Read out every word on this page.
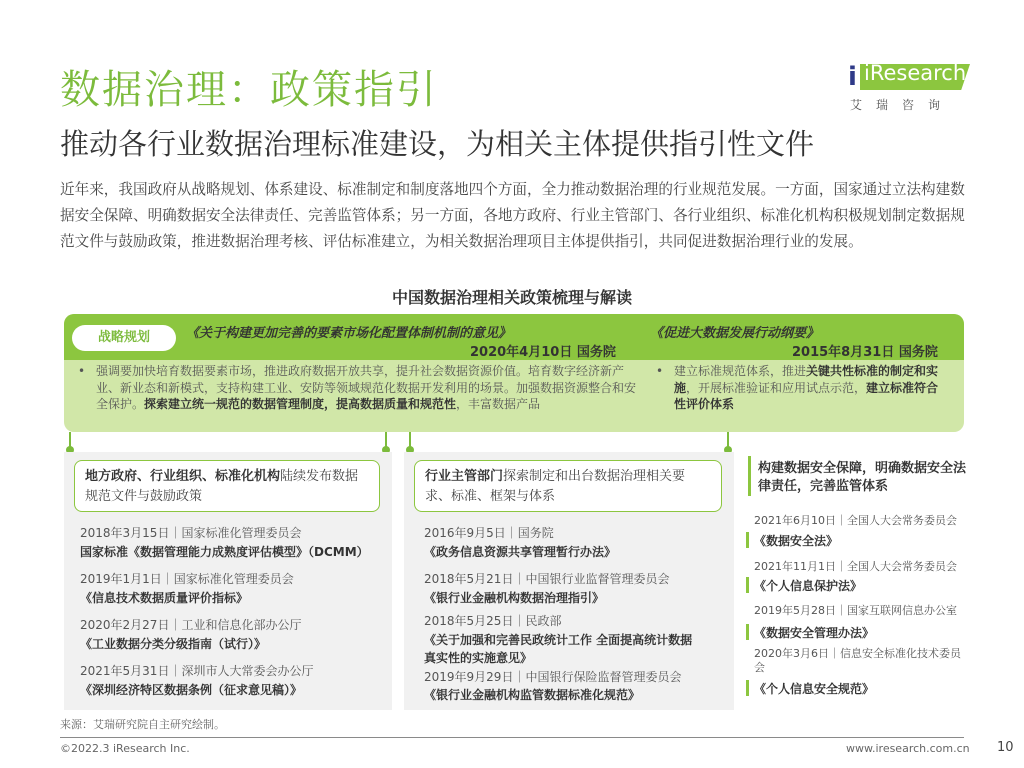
数据治理：政策指引
推动各行业数据治理标准建设，为相关主体提供指引性文件
i iResearch
艾瑞咨询
近年来，我国政府从战略规划、体系建设、标准制定和制度落地四个方面，全力推动数据治理的行业规范发展。一方面，国家通过立法构建数据安全保障、明确数据安全法律责任、完善监管体系；另一方面，各地方政府、行业主管部门、各行业组织、标准化机构积极规划制定数据规范文件与鼓励政策，推进数据治理考核、评估标准建立，为相关数据治理项目主体提供指引，共同促进数据治理行业的发展。
中国数据治理相关政策梳理与解读
战略规划	《关于构建更加完善的要素市场化配置体制机制的意见》
2020年4月10日 国务院
《促进大数据发展行动纲要》
2015年8月31日 国务院
• 强调要加快培育数据要素市场，推进政府数据开放共享，提升社会数据资源价值。培育数字经济新产业、新业态和新模式，支持构建工业、安防等领域规范化数据开发利用的场景。加强数据资源整合和安全保护。探索建立统一规范的数据管理制度，提高数据质量和规范性，丰富数据产品
• 建立标准规范体系，推进关键共性标准的制定和实施，开展标准验证和应用试点示范，建立标准符合性评价体系
地方政府、行业组织、标准化机构陆续发布数据规范文件与鼓励政策
2018年3月15日｜国家标准化管理委员会
国家标准《数据管理能力成熟度评估模型》（DCMM）
2019年1月1日｜国家标准化管理委员会
《信息技术数据质量评价指标》
2020年2月27日｜工业和信息化部办公厅
《工业数据分类分级指南（试行）》
2021年5月31日｜深圳市人大常委会办公厅
《深圳经济特区数据条例（征求意见稿）》
行业主管部门探索制定和出台数据治理相关要求、标准、框架与体系
2016年9月5日｜国务院
《政务信息资源共享管理暂行办法》
2018年5月21日｜中国银行业监督管理委员会
《银行业金融机构数据治理指引》
2018年5月25日｜民政部
《关于加强和完善民政统计工作 全面提高统计数据
真实性的实施意见》
2019年9月29日｜中国银行保险监督管理委员会
《银行业金融机构监管数据标准化规范》
构建数据安全保障，明确数据安全法律责任，完善监管体系
2021年6月10日｜全国人大会常务委员会
《数据安全法》
2021年11月1日｜全国人大会常务委员会
《个人信息保护法》
2019年5月28日｜国家互联网信息办公室
《数据安全管理办法》
2020年3月6日｜信息安全标准化技术委员会
《个人信息安全规范》
来源：艾瑞研究院自主研究绘制。
©2022.3 iResearch Inc.	www.iresearch.com.cn 10
